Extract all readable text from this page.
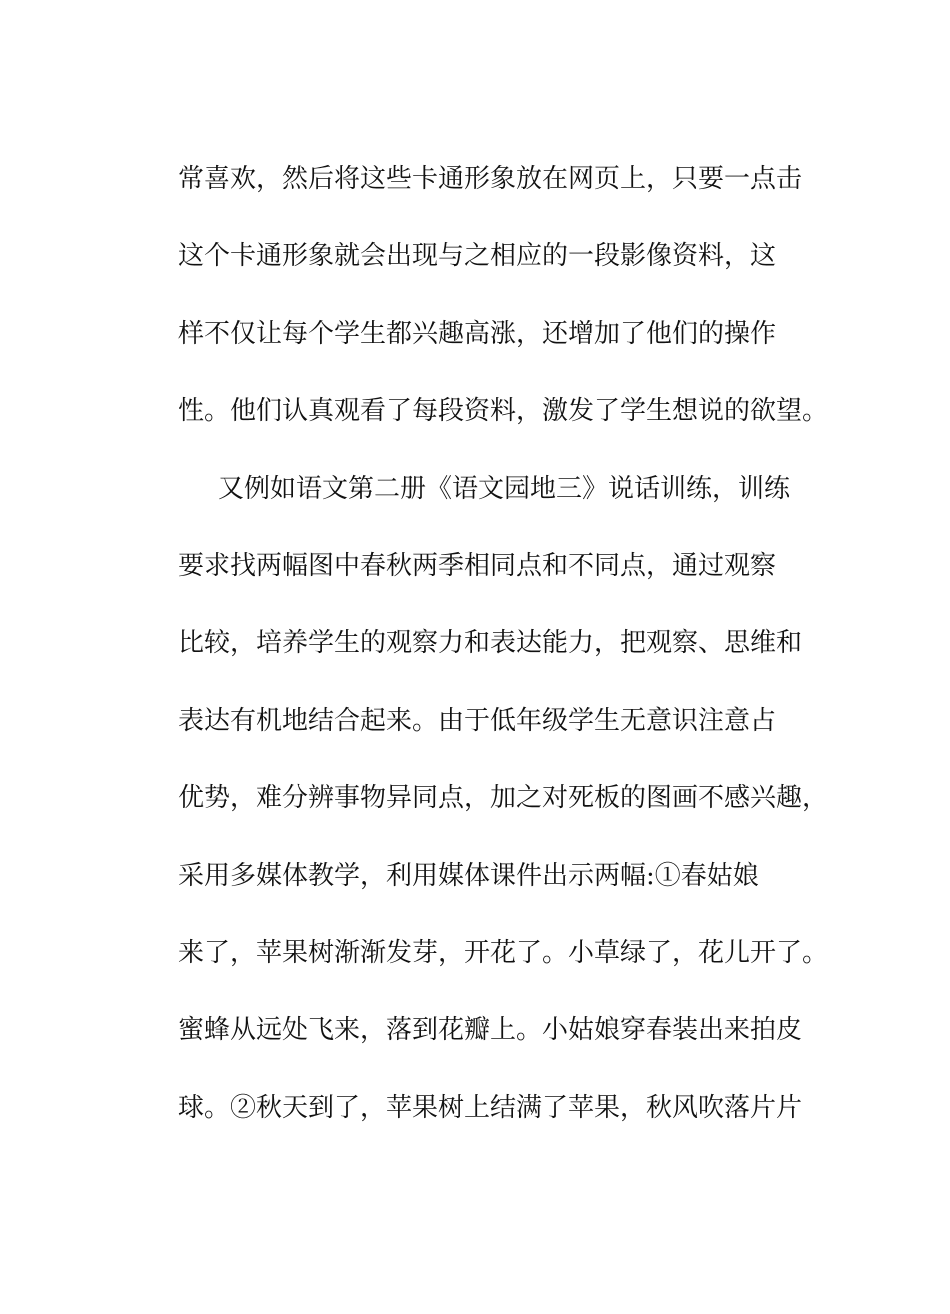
常喜欢，然后将这些卡通形象放在网页上，只要一点击
这个卡通形象就会出现与之相应的一段影像资料，这
样不仅让每个学生都兴趣高涨，还增加了他们的操作
性。他们认真观看了每段资料，激发了学生想说的欲望。
又例如语文第二册《语文园地三》说话训练，训练
要求找两幅图中春秋两季相同点和不同点，通过观察
比较，培养学生的观察力和表达能力，把观察、思维和
表达有机地结合起来。由于低年级学生无意识注意占
优势，难分辨事物异同点，加之对死板的图画不感兴趣，
采用多媒体教学，利用媒体课件出示两幅:①春姑娘
来了，苹果树渐渐发芽，开花了。小草绿了，花儿开了。
蜜蜂从远处飞来，落到花瓣上。小姑娘穿春装出来拍皮
球。②秋天到了，苹果树上结满了苹果，秋风吹落片片
